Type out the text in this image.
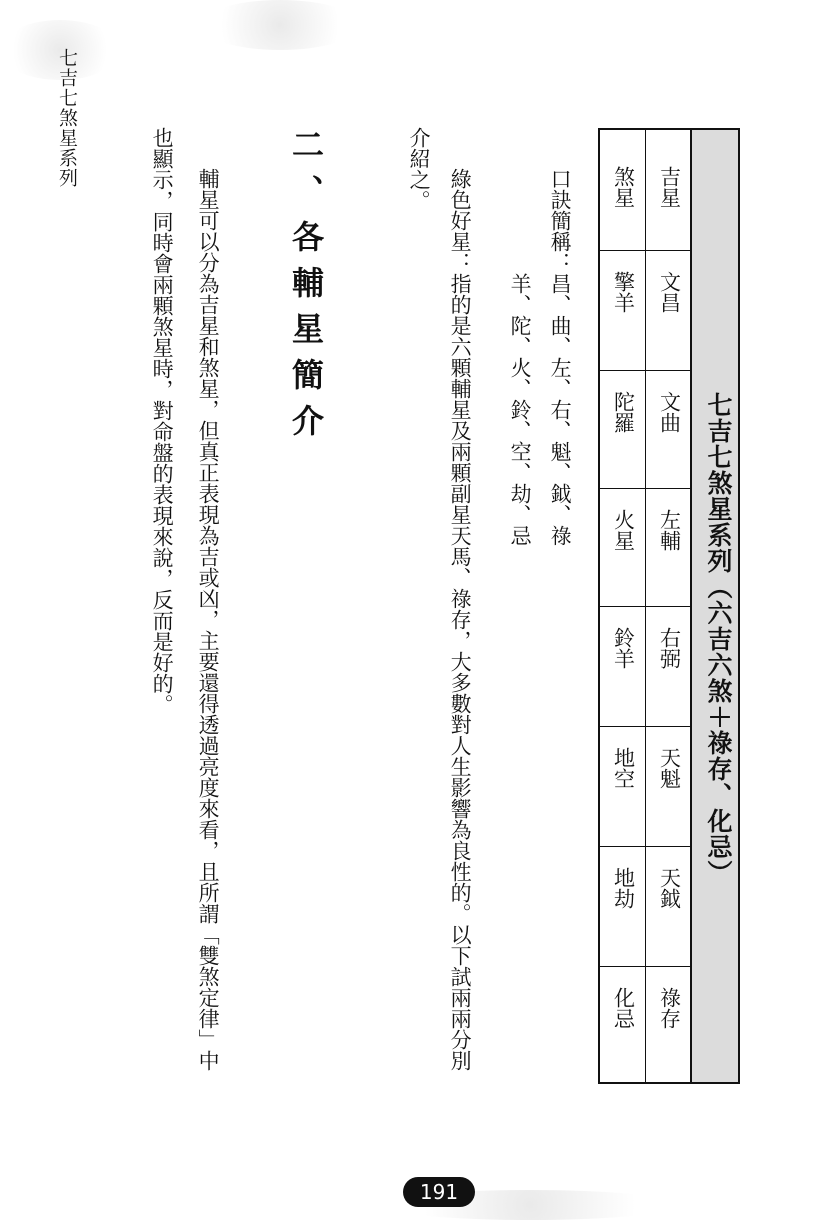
七吉七煞星系列
七吉七煞星系列（六吉六煞＋祿存、化忌）
吉星
文昌
文曲
左輔
右弼
天魁
天鉞
祿存
煞星
擎羊
陀羅
火星
鈴羊
地空
地劫
化忌
口訣簡稱：昌、曲、左、右、魁、鉞、祿
羊、陀、火、鈴、空、劫、忌
綠色好星：指的是六顆輔星及兩顆副星天馬、祿存，大多數對人生影響為良性的。以下試兩兩分別
介紹之。
二、各輔星簡介
輔星可以分為吉星和煞星，但真正表現為吉或凶，主要還得透過亮度來看，且所謂「雙煞定律」中
也顯示，同時會兩顆煞星時，對命盤的表現來說，反而是好的。
191
